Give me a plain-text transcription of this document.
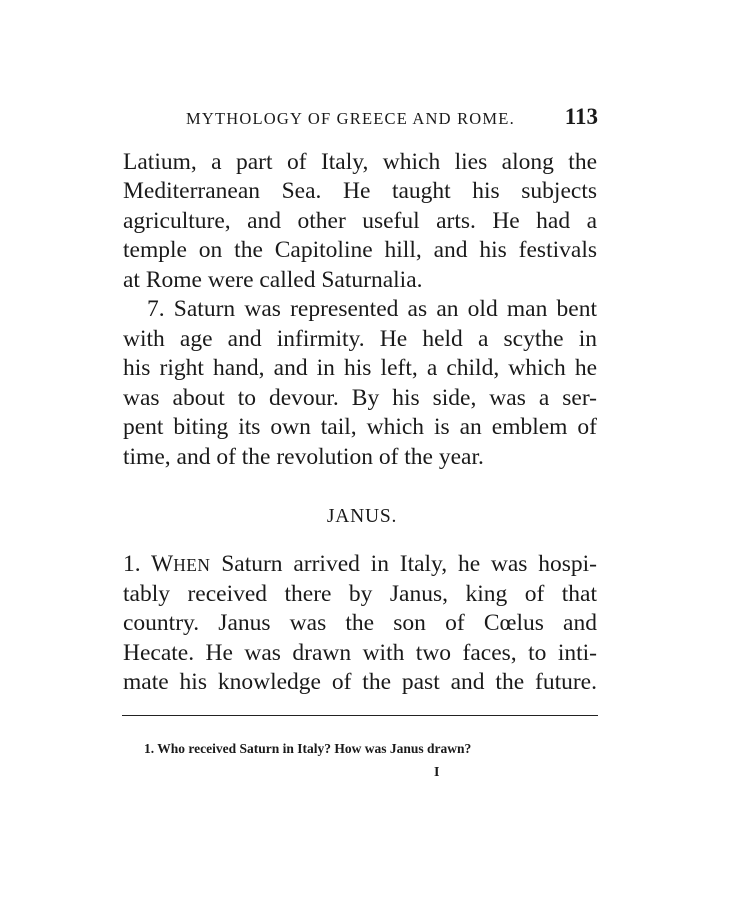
MYTHOLOGY OF GREECE AND ROME. 113
Latium, a part of Italy, which lies along the
Mediterranean Sea. He taught his subjects
agriculture, and other useful arts. He had a
temple on the Capitoline hill, and his festivals
at Rome were called Saturnalia.
7. Saturn was represented as an old man bent
with age and infirmity. He held a scythe in
his right hand, and in his left, a child, which he
was about to devour. By his side, was a ser-
pent biting its own tail, which is an emblem of
time, and of the revolution of the year.
JANUS.
1. WHEN Saturn arrived in Italy, he was hospi-
tably received there by Janus, king of that
country. Janus was the son of Cœlus and
Hecate. He was drawn with two faces, to inti-
mate his knowledge of the past and the future.
1. Who received Saturn in Italy? How was Janus drawn?
I
